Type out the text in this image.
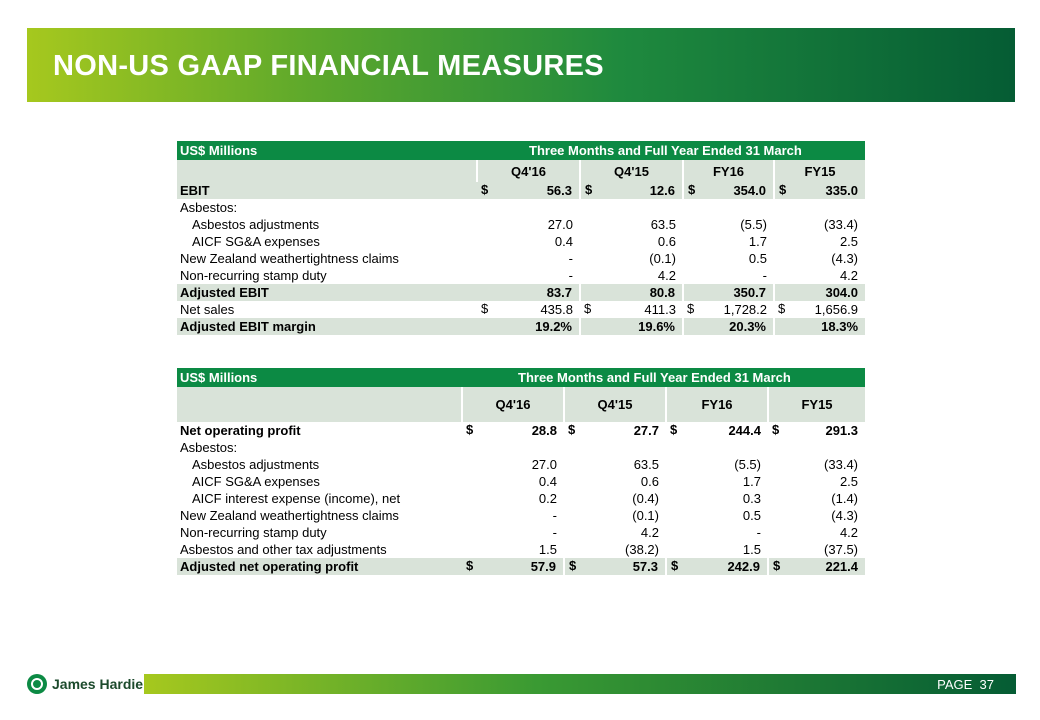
NON-US GAAP FINANCIAL MEASURES
US$ Millions	Three Months and Full Year Ended 31 March			
	Q4'16	Q4'15	FY16	FY15
EBIT	$ 56.3	$ 12.6	$ 354.0	$ 335.0

Asbestos:				
Asbestos adjustments	27.0	63.5	(5.5)	(33.4)

AICF SG&A expenses	0.4	0.6	1.7	2.5

New Zealand weathertightness claims	-	(0.1)	0.5	(4.3)

Non-recurring stamp duty	-	4.2	-	4.2

Adjusted EBIT	83.7	80.8	350.7	304.0

Net sales	$ 435.8	$ 411.3	$ 1,728.2	$ 1,656.9

Adjusted EBIT margin	19.2%	19.6%	20.3%	18.3%
US$ Millions	Three Months and Full Year Ended 31 March			
	Q4'16	Q4'15	FY16	FY15
Net operating profit	$ 28.8	$ 27.7	$ 244.4	$ 291.3

Asbestos:				
Asbestos adjustments	27.0	63.5	(5.5)	(33.4)

AICF SG&A expenses	0.4	0.6	1.7	2.5

AICF interest expense (income), net	0.2	(0.4)	0.3	(1.4)

New Zealand weathertightness claims	-	(0.1)	0.5	(4.3)

Non-recurring stamp duty	-	4.2	-	4.2

Asbestos and other tax adjustments	1.5	(38.2)	1.5	(37.5)

Adjusted net operating profit	$ 57.9	$ 57.3	$ 242.9	$ 221.4
James Hardie	PAGE 37
